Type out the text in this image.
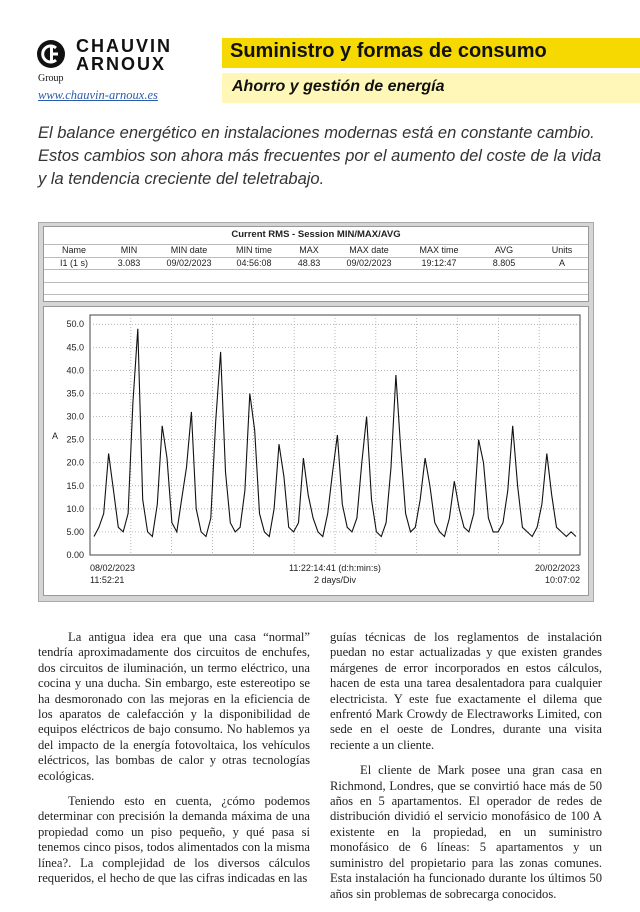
CHAUVIN
ARNOUX
Group
www.chauvin-arnoux.es
Suministro y formas de consumo
Ahorro y gestión de energía
El balance energético en instalaciones modernas está en constante cambio. Estos cambios son ahora más frecuentes por el aumento del coste de la vida y la tendencia creciente del teletrabajo.
Current RMS - Session MIN/MAX/AVG
Name	MIN	MIN date	MIN time	MAX	MAX date	MAX time	AVG	Units
I1 (1 s)	3.083	09/02/2023	04:56:08	48.83	09/02/2023	19:12:47	8.805	A
0.00
5.00
10.0
15.0
20.0
25.0
30.0
35.0
40.0
45.0
50.0
A
08/02/2023
11:52:21
11:22:14:41 (d:h:min:s)
2 days/Div
20/02/2023
10:07:02

La antigua idea era que una casa “normal” tendría aproximadamente dos circuitos de enchufes, dos circuitos de iluminación, un termo eléctrico, una cocina y una ducha. Sin embargo, este estereotipo se ha desmoronado con las mejoras en la eficiencia de los aparatos de calefacción y la disponibilidad de equipos eléctricos de bajo consumo. No hablemos ya del impacto de la energía fotovoltaica, los vehículos eléctricos, las bombas de calor y otras tecnologías ecológicas.

Teniendo esto en cuenta, ¿cómo podemos determinar con precisión la demanda máxima de una propiedad como un piso pequeño, y qué pasa si tenemos cinco pisos, todos alimentados con la misma línea?. La complejidad de los diversos cálculos requeridos, el hecho de que las cifras indicadas en las

guías técnicas de los reglamentos de instalación puedan no estar actualizadas y que existen grandes márgenes de error incorporados en estos cálculos, hacen de esta una tarea desalentadora para cualquier electricista. Y este fue exactamente el dilema que enfrentó Mark Crowdy de Electraworks Limited, con sede en el oeste de Londres, durante una visita reciente a un cliente.

El cliente de Mark posee una gran casa en Richmond, Londres, que se convirtió hace más de 50 años en 5 apartamentos. El operador de redes de distribución dividió el servicio monofásico de 100 A existente en la propiedad, en un suministro monofásico de 6 líneas: 5 apartamentos y un suministro del propietario para las zonas comunes. Esta instalación ha funcionado durante los últimos 50 años sin problemas de sobrecarga conocidos.
